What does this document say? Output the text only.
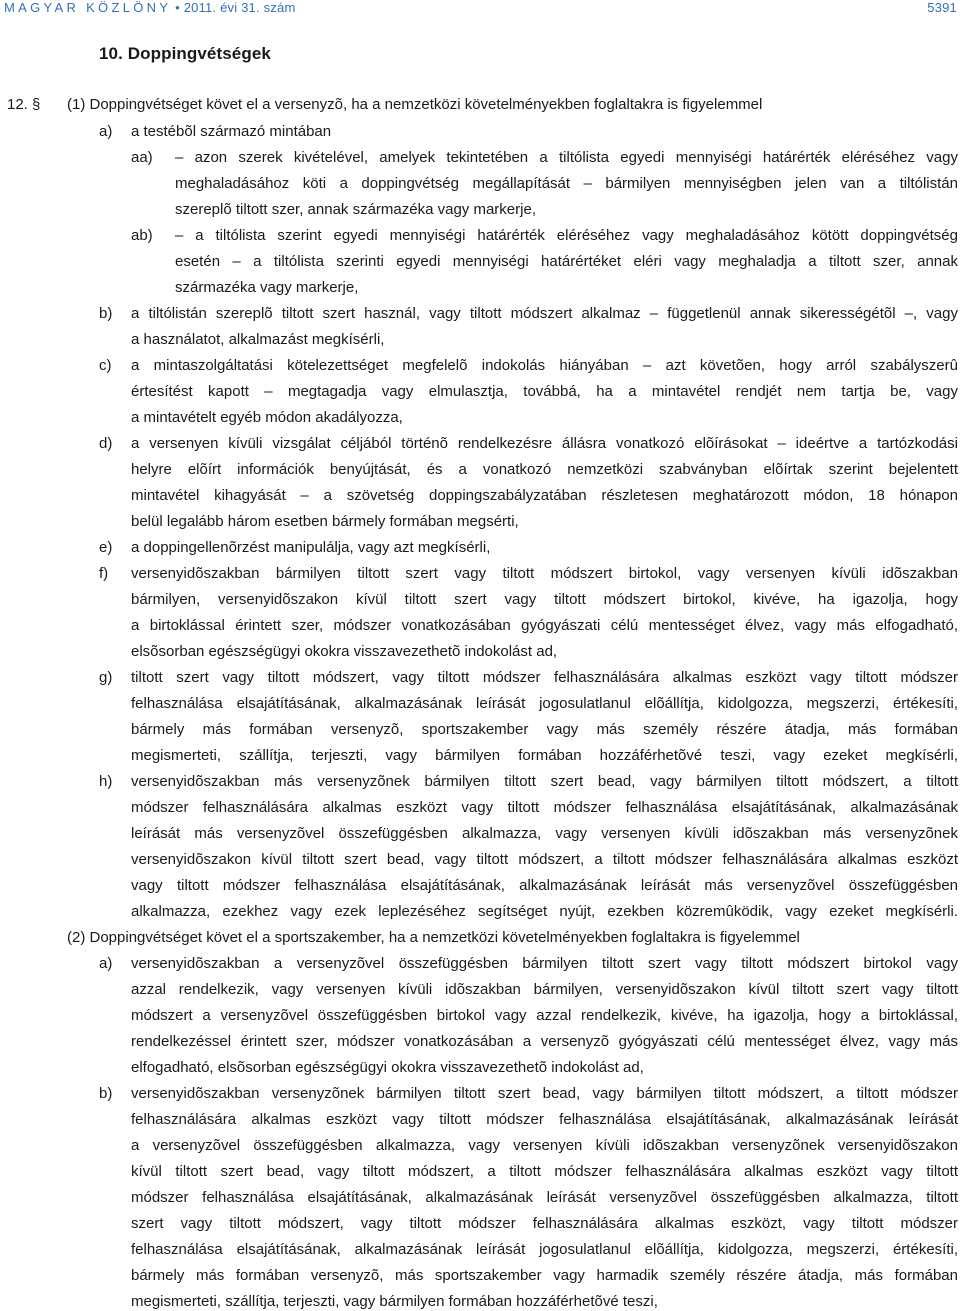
MAGYAR KÖZLÖNY • 2011. évi 31. szám	5391
10. Doppingvétségek
12. §
a)
aa)
ab)
b)
c)
d)
e)
f)
g)
h)
a)
b)
(1) Doppingvétséget követ el a versenyzõ, ha a nemzetközi követelményekben foglaltakra is figyelemmel
a testébõl származó mintában
– azon szerek kivételével, amelyek tekintetében a tiltólista egyedi mennyiségi határérték eléréséhez vagy
meghaladásához köti a doppingvétség megállapítását – bármilyen mennyiségben jelen van a tiltólistán
szereplõ tiltott szer, annak származéka vagy markerje,
– a tiltólista szerint egyedi mennyiségi határérték eléréséhez vagy meghaladásához kötött doppingvétség
esetén – a tiltólista szerinti egyedi mennyiségi határértéket eléri vagy meghaladja a tiltott szer, annak
származéka vagy markerje,
a tiltólistán szereplõ tiltott szert használ, vagy tiltott módszert alkalmaz – függetlenül annak sikerességétõl –, vagy
a használatot, alkalmazást megkísérli,
a mintaszolgáltatási kötelezettséget megfelelõ indokolás hiányában – azt követõen, hogy arról szabályszerû
értesítést kapott – megtagadja vagy elmulasztja, továbbá, ha a mintavétel rendjét nem tartja be, vagy
a mintavételt egyéb módon akadályozza,
a versenyen kívüli vizsgálat céljából történõ rendelkezésre állásra vonatkozó elõírásokat – ideértve a tartózkodási
helyre elõírt információk benyújtását, és a vonatkozó nemzetközi szabványban elõírtak szerint bejelentett
mintavétel kihagyását – a szövetség doppingszabályzatában részletesen meghatározott módon, 18 hónapon
belül legalább három esetben bármely formában megsérti,
a doppingellenõrzést manipulálja, vagy azt megkísérli,
versenyidõszakban bármilyen tiltott szert vagy tiltott módszert birtokol, vagy versenyen kívüli idõszakban
bármilyen, versenyidõszakon kívül tiltott szert vagy tiltott módszert birtokol, kivéve, ha igazolja, hogy
a birtoklással érintett szer, módszer vonatkozásában gyógyászati célú mentességet élvez, vagy más elfogadható,
elsõsorban egészségügyi okokra visszavezethetõ indokolást ad,
tiltott szert vagy tiltott módszert, vagy tiltott módszer felhasználására alkalmas eszközt vagy tiltott módszer
felhasználása elsajátításának, alkalmazásának leírását jogosulatlanul elõállítja, kidolgozza, megszerzi, értékesíti,
bármely más formában versenyzõ, sportszakember vagy más személy részére átadja, más formában
megismerteti, szállítja, terjeszti, vagy bármilyen formában hozzáférhetõvé teszi, vagy ezeket megkísérli,
versenyidõszakban más versenyzõnek bármilyen tiltott szert bead, vagy bármilyen tiltott módszert, a tiltott
módszer felhasználására alkalmas eszközt vagy tiltott módszer felhasználása elsajátításának, alkalmazásának
leírását más versenyzõvel összefüggésben alkalmazza, vagy versenyen kívüli idõszakban más versenyzõnek
versenyidõszakon kívül tiltott szert bead, vagy tiltott módszert, a tiltott módszer felhasználására alkalmas eszközt
vagy tiltott módszer felhasználása elsajátításának, alkalmazásának leírását más versenyzõvel összefüggésben
alkalmazza, ezekhez vagy ezek leplezéséhez segítséget nyújt, ezekben közremûködik, vagy ezeket megkísérli.
(2) Doppingvétséget követ el a sportszakember, ha a nemzetközi követelményekben foglaltakra is figyelemmel
versenyidõszakban a versenyzõvel összefüggésben bármilyen tiltott szert vagy tiltott módszert birtokol vagy
azzal rendelkezik, vagy versenyen kívüli idõszakban bármilyen, versenyidõszakon kívül tiltott szert vagy tiltott
módszert a versenyzõvel összefüggésben birtokol vagy azzal rendelkezik, kivéve, ha igazolja, hogy a birtoklással,
rendelkezéssel érintett szer, módszer vonatkozásában a versenyzõ gyógyászati célú mentességet élvez, vagy más
elfogadható, elsõsorban egészségügyi okokra visszavezethetõ indokolást ad,
versenyidõszakban versenyzõnek bármilyen tiltott szert bead, vagy bármilyen tiltott módszert, a tiltott módszer
felhasználására alkalmas eszközt vagy tiltott módszer felhasználása elsajátításának, alkalmazásának leírását
a versenyzõvel összefüggésben alkalmazza, vagy versenyen kívüli idõszakban versenyzõnek versenyidõszakon
kívül tiltott szert bead, vagy tiltott módszert, a tiltott módszer felhasználására alkalmas eszközt vagy tiltott
módszer felhasználása elsajátításának, alkalmazásának leírását versenyzõvel összefüggésben alkalmazza, tiltott
szert vagy tiltott módszert, vagy tiltott módszer felhasználására alkalmas eszközt, vagy tiltott módszer
felhasználása elsajátításának, alkalmazásának leírását jogosulatlanul elõállítja, kidolgozza, megszerzi, értékesíti,
bármely más formában versenyzõ, más sportszakember vagy harmadik személy részére átadja, más formában
megismerteti, szállítja, terjeszti, vagy bármilyen formában hozzáférhetõvé teszi,
